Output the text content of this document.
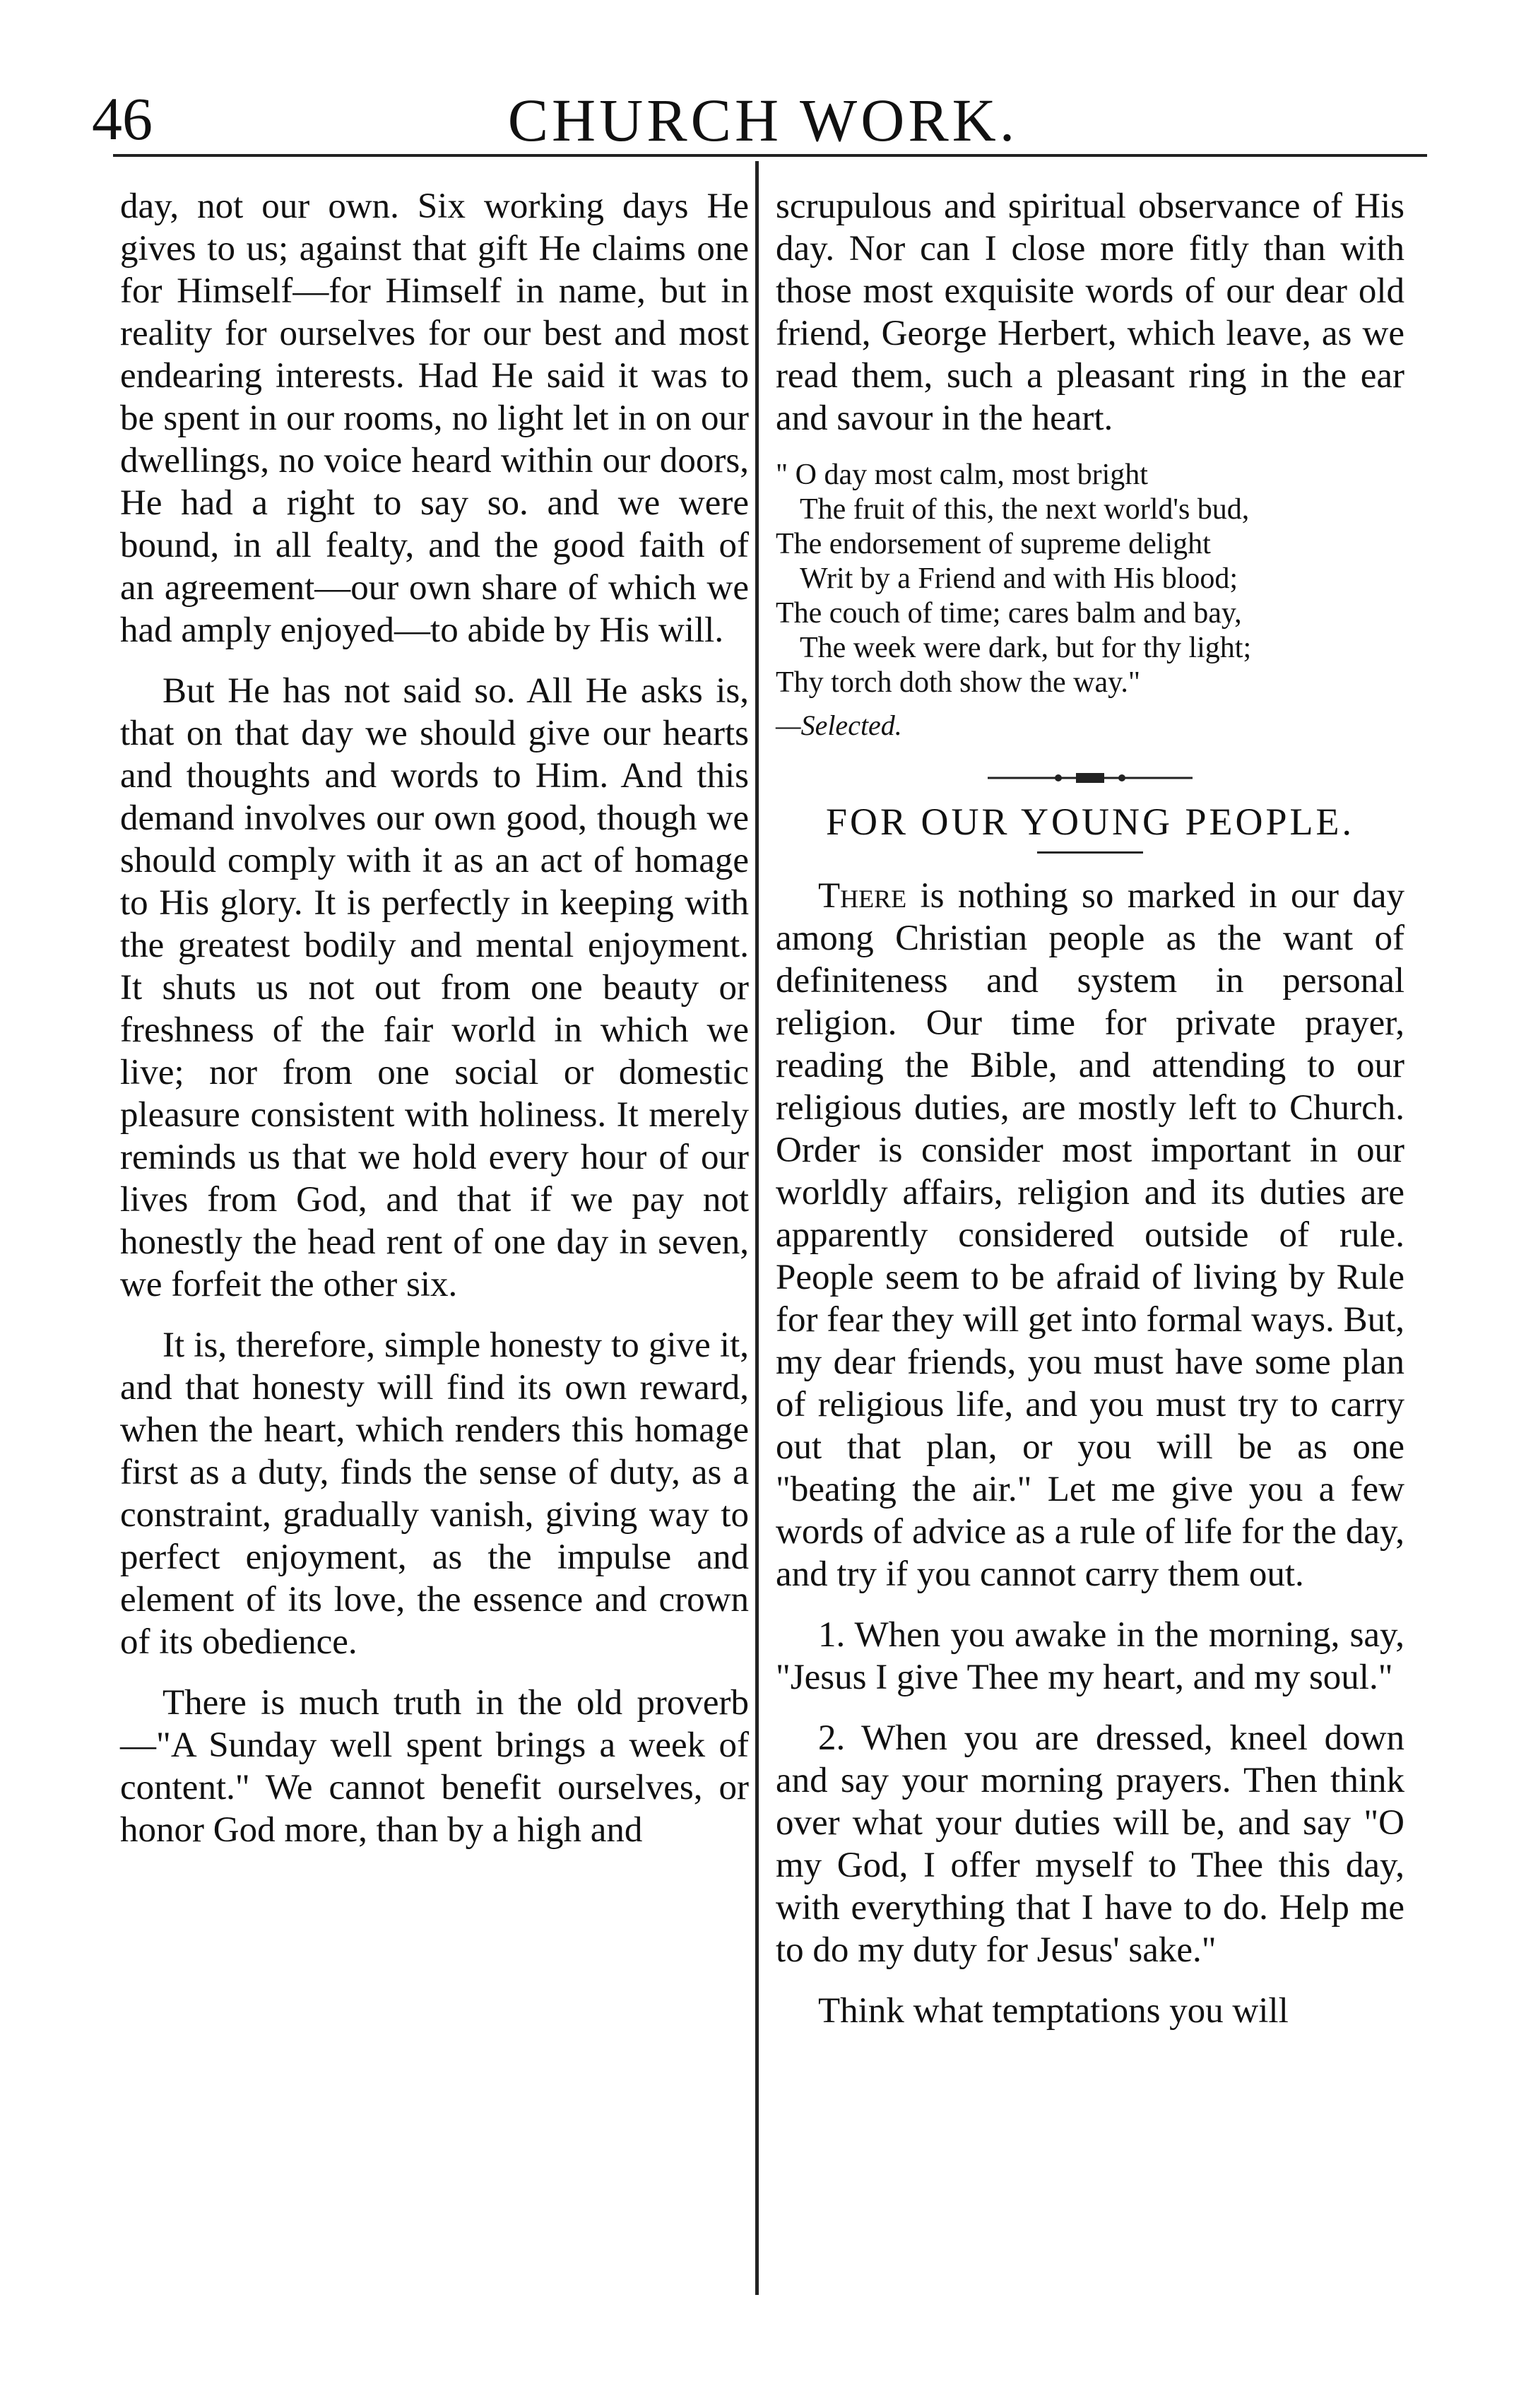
46	CHURCH WORK.

day, not our own. Six working days He gives to us; against that gift He claims one for Himself—for Himself in name, but in reality for ourselves for our best and most endearing interests. Had He said it was to be spent in our rooms, no light let in on our dwellings, no voice heard within our doors, He had a right to say so. and we were bound, in all fealty, and the good faith of an agreement—our own share of which we had amply enjoyed—to abide by His will.

But He has not said so. All He asks is, that on that day we should give our hearts and thoughts and words to Him. And this demand involves our own good, though we should comply with it as an act of homage to His glory. It is perfectly in keeping with the greatest bodily and mental enjoyment. It shuts us not out from one beauty or freshness of the fair world in which we live; nor from one social or domestic pleasure consistent with holiness. It merely reminds us that we hold every hour of our lives from God, and that if we pay not honestly the head rent of one day in seven, we forfeit the other six.

It is, therefore, simple honesty to give it, and that honesty will find its own reward, when the heart, which renders this homage first as a duty, finds the sense of duty, as a constraint, gradually vanish, giving way to perfect enjoyment, as the impulse and element of its love, the essence and crown of its obedience.

There is much truth in the old proverb—"A Sunday well spent brings a week of content." We cannot benefit ourselves, or honor God more, than by a high and

scrupulous and spiritual observance of His day. Nor can I close more fitly than with those most exquisite words of our dear old friend, George Herbert, which leave, as we read them, such a pleasant ring in the ear and savour in the heart.

" O day most calm, most bright
The fruit of this, the next world's bud,
The endorsement of supreme delight
Writ by a Friend and with His blood;
The couch of time; cares balm and bay,
The week were dark, but for thy light;
Thy torch doth show the way."
—Selected.
FOR OUR YOUNG PEOPLE.

There is nothing so marked in our day among Christian people as the want of definiteness and system in personal religion. Our time for private prayer, reading the Bible, and attending to our religious duties, are mostly left to Church. Order is consider most important in our worldly affairs, religion and its duties are apparently considered outside of rule. People seem to be afraid of living by Rule for fear they will get into formal ways. But, my dear friends, you must have some plan of religious life, and you must try to carry out that plan, or you will be as one "beating the air." Let me give you a few words of advice as a rule of life for the day, and try if you cannot carry them out.

1. When you awake in the morning, say, "Jesus I give Thee my heart, and my soul."

2. When you are dressed, kneel down and say your morning prayers. Then think over what your duties will be, and say "O my God, I offer myself to Thee this day, with everything that I have to do. Help me to do my duty for Jesus' sake."

Think what temptations you will
